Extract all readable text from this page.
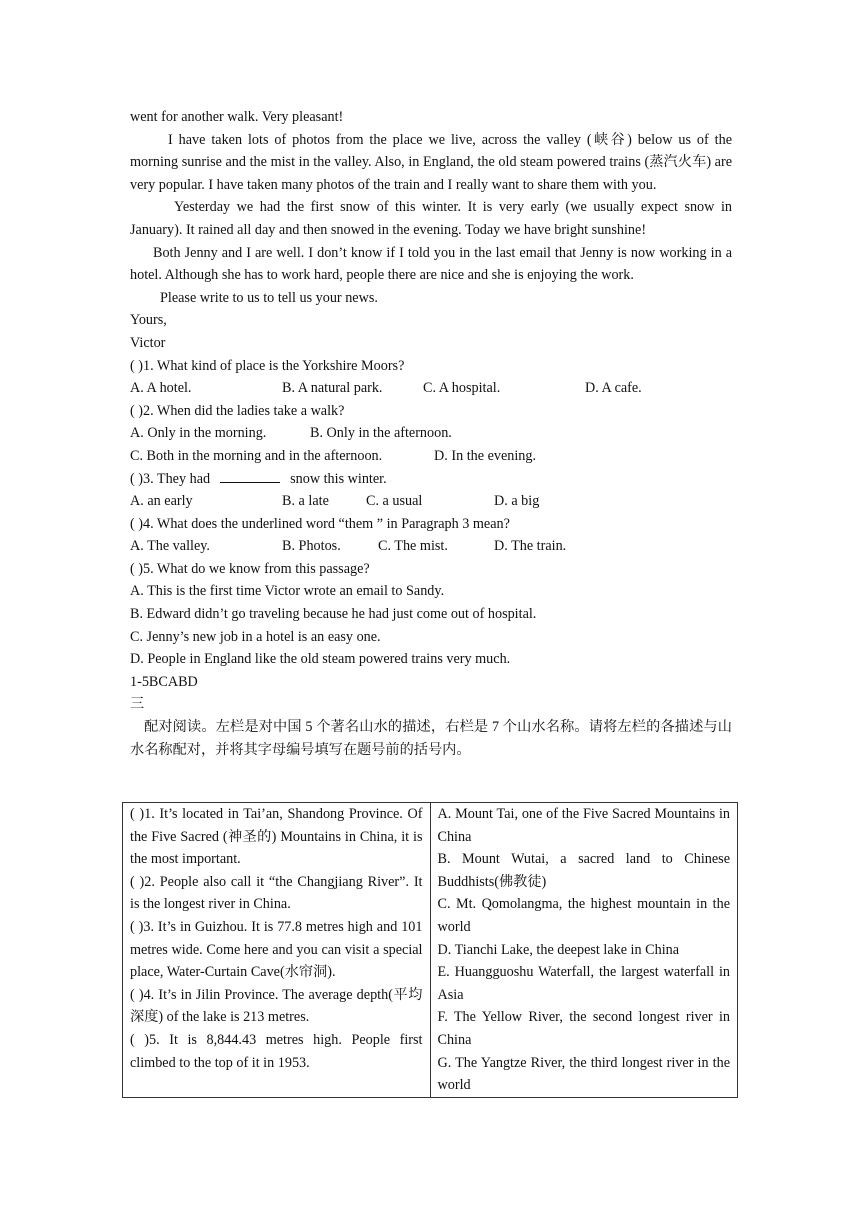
went for another walk. Very pleasant!

I have taken lots of photos from the place we live, across the valley (峡谷) below us of the morning sunrise and the mist in the valley. Also, in England, the old steam powered trains (蒸汽火车) are very popular. I have taken many photos of the train and I really want to share them with you.

Yesterday we had the first snow of this winter. It is very early (we usually expect snow in January). It rained all day and then snowed in the evening. Today we have bright sunshine!

Both Jenny and I are well. I don’t know if I told you in the last email that Jenny is now working in a hotel. Although she has to work hard, people there are nice and she is enjoying the work.

Please write to us to tell us your news.
Yours,
Victor
( )1. What kind of place is the Yorkshire Moors?
A. A hotel.	B. A natural park.	C. A hospital.	D. A cafe.
( )2. When did the ladies take a walk?
A. Only in the morning.	B. Only in the afternoon.
C. Both in the morning and in the afternoon.	D. In the evening.
( )3. They had	snow this winter.
A. an early	B. a late	C. a usual	D. a big
( )4. What does the underlined word “them ” in Paragraph 3 mean?
A. The valley.	B. Photos.	C. The mist.	D. The train.
( )5. What do we know from this passage?
A. This is the first time Victor wrote an email to Sandy.
B. Edward didn’t go traveling because he had just come out of hospital.
C. Jenny’s new job in a hotel is an easy one.
D. People in England like the old steam powered trains very much.
1-5BCABD
三

配对阅读。左栏是对中国 5 个著名山水的描述，右栏是 7 个山水名称。请将左栏的各描述与山水名称配对，并将其字母编号填写在题号前的括号内。

( )1. It’s located in Tai’an, Shandong Province. Of the Five Sacred (神圣的) Mountains in China, it is the most important.
( )2. People also call it “the Changjiang River”. It is the longest river in China.
( )3. It’s in Guizhou. It is 77.8 metres high and 101 metres wide. Come here and you can visit a special place, Water-Curtain Cave(水帘洞).
( )4. It’s in Jilin Province. The average depth(平均深度) of the lake is 213 metres.
( )5. It is 8,844.43 metres high. People first climbed to the top of it in 1953.

A. Mount Tai, one of the Five Sacred Mountains in China
B. Mount Wutai, a sacred land to Chinese Buddhists(佛教徒)
C. Mt. Qomolangma, the highest mountain in the world
D. Tianchi Lake, the deepest lake in China
E. Huangguoshu Waterfall, the largest waterfall in Asia
F. The Yellow River, the second longest river in China
G. The Yangtze River, the third longest river in the world
